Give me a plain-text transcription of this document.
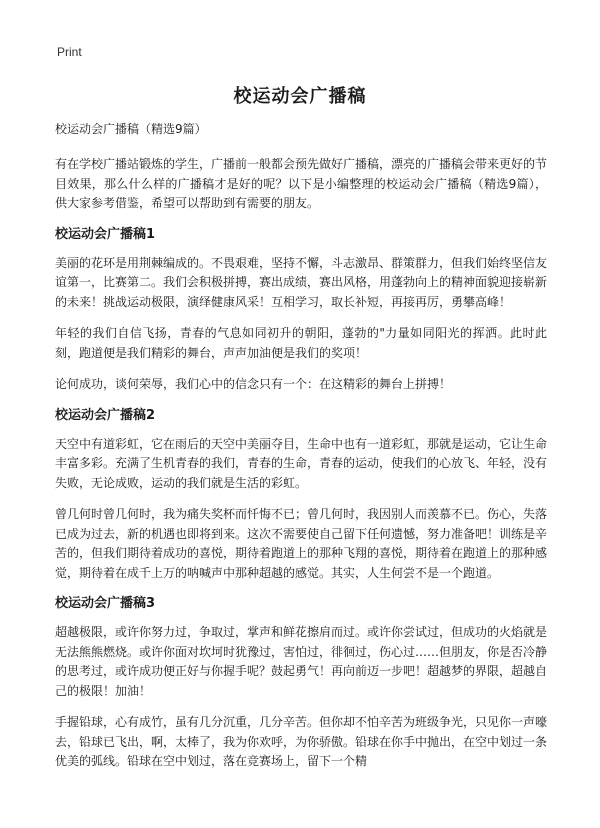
Print
校运动会广播稿
校运动会广播稿（精选9篇）

有在学校广播站锻炼的学生，广播前一般都会预先做好广播稿，漂亮的广播稿会带来更好的节目效果，那么什么样的广播稿才是好的呢？以下是小编整理的校运动会广播稿（精选9篇），供大家参考借鉴，希望可以帮助到有需要的朋友。

校运动会广播稿1

美丽的花环是用荆棘编成的。不畏艰难，坚持不懈，斗志激昂、群策群力，但我们始终坚信友谊第一，比赛第二。我们会积极拼搏，赛出成绩，赛出风格，用蓬勃向上的精神面貌迎接崭新的未来！挑战运动极限，演绎健康风采！互相学习，取长补短，再接再厉，勇攀高峰！

年轻的我们自信飞扬，青春的气息如同初升的朝阳，蓬勃的"力量如同阳光的挥洒。此时此刻，跑道便是我们精彩的舞台，声声加油便是我们的奖项！

论何成功，谈何荣辱，我们心中的信念只有一个：在这精彩的舞台上拼搏！

校运动会广播稿2

天空中有道彩虹，它在雨后的天空中美丽夺目，生命中也有一道彩虹，那就是运动，它让生命丰富多彩。充满了生机青春的我们，青春的生命，青春的运动，使我们的心放飞、年轻，没有失败，无论成败，运动的我们就是生活的彩虹。

曾几何时曾几何时，我为痛失奖杯而忏悔不已；曾几何时，我因别人而羡慕不已。伤心，失落已成为过去，新的机遇也即将到来。这次不需要使自己留下任何遗憾，努力准备吧！训练是辛苦的，但我们期待着成功的喜悦，期待着跑道上的那种飞翔的喜悦，期待着在跑道上的那种感觉，期待着在成千上万的呐喊声中那种超越的感觉。其实，人生何尝不是一个跑道。

校运动会广播稿3

超越极限，或许你努力过，争取过，掌声和鲜花擦肩而过。或许你尝试过，但成功的火焰就是无法熊熊燃烧。或许你面对坎坷时犹豫过，害怕过，徘徊过，伤心过……但朋友，你是否冷静的思考过，或许成功便正好与你握手呢？鼓起勇气！再向前迈一步吧！超越梦的界限，超越自己的极限！加油！

手握铅球，心有成竹，虽有几分沉重，几分辛苦。但你却不怕辛苦为班级争光，只见你一声嚎去，铅球已飞出，啊，太棒了，我为你欢呼，为你骄傲。铅球在你手中抛出，在空中划过一条优美的弧线。铅球在空中划过，落在竞赛场上，留下一个精
